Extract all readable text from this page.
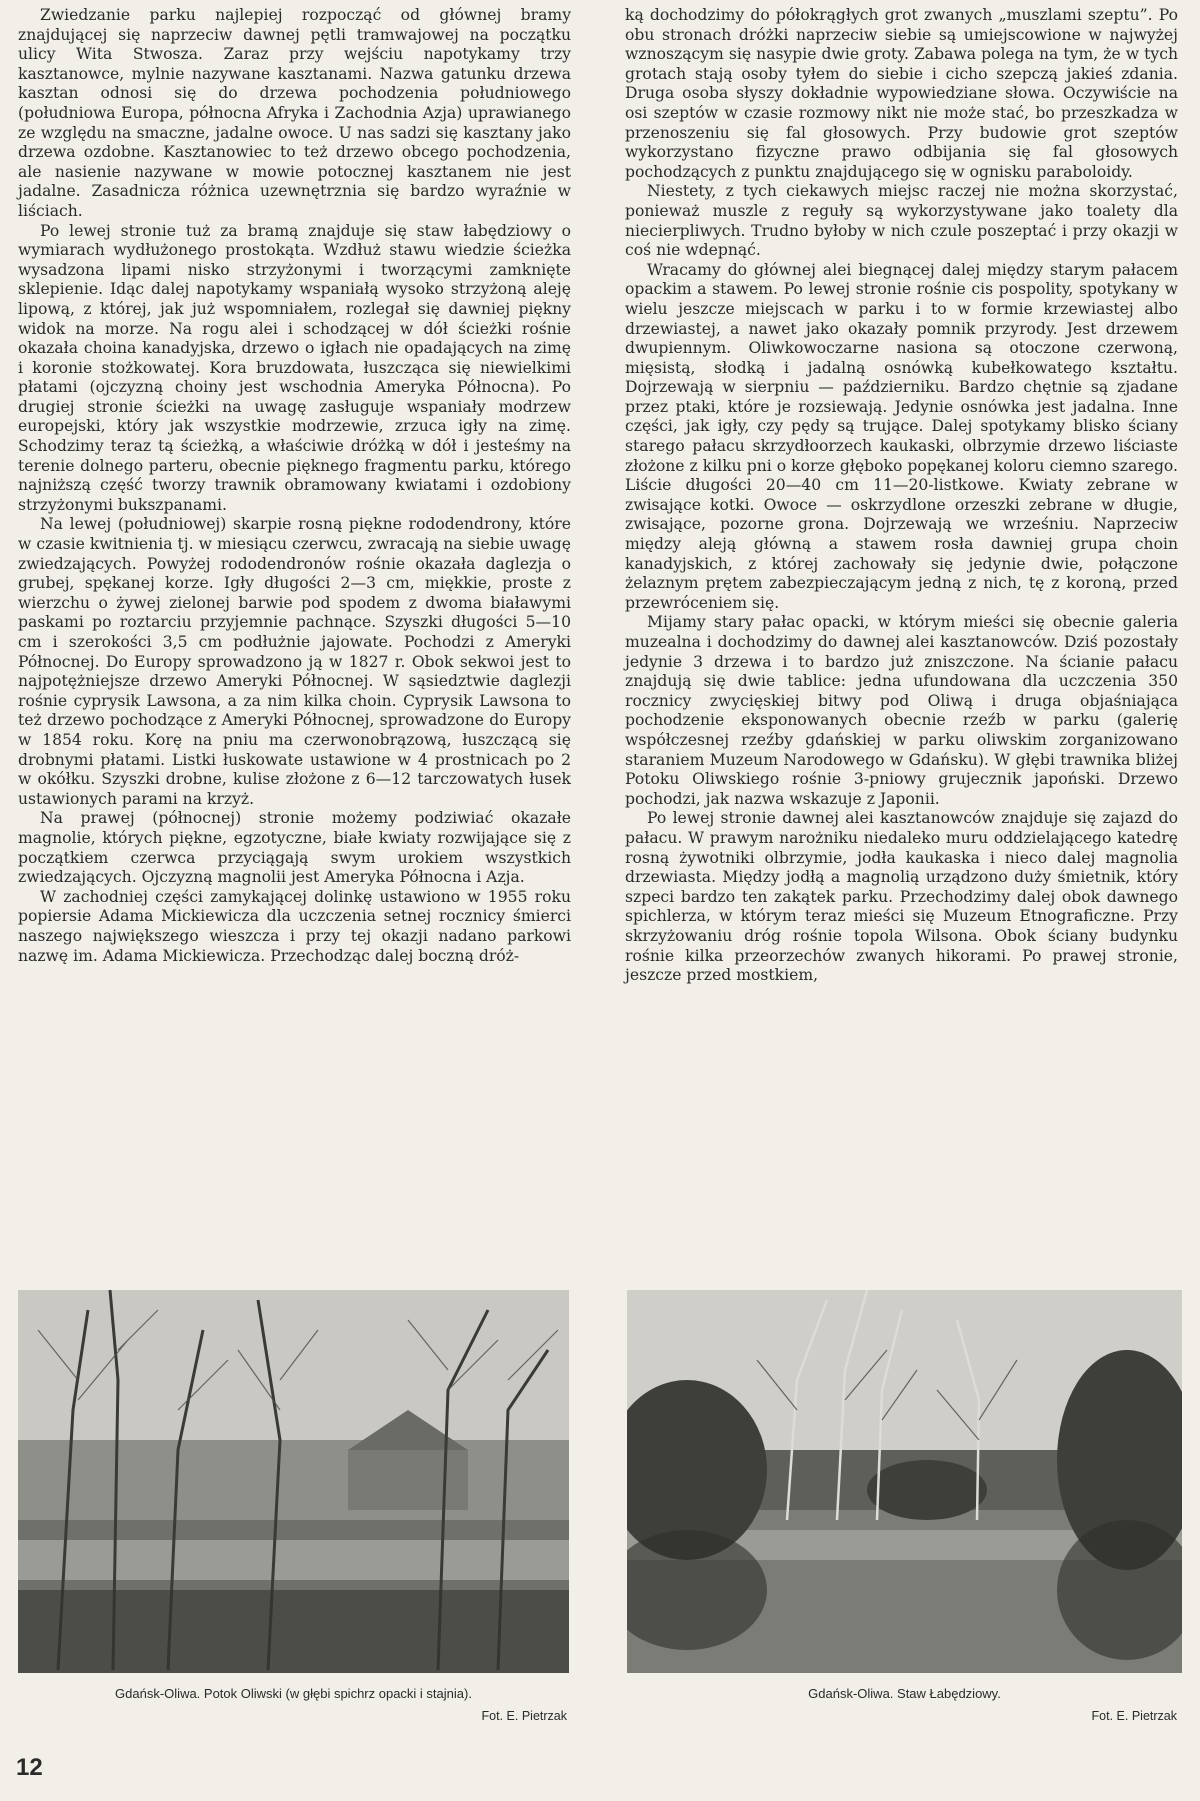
Zwiedzanie parku najlepiej rozpocząć od głównej bramy znajdującej się naprzeciw dawnej pętli tramwajowej na początku ulicy Wita Stwosza. Zaraz przy wejściu napotykamy trzy kasztanowce, mylnie nazywane kasztanami. Nazwa gatunku drzewa kasztan odnosi się do drzewa pochodzenia południowego (południowa Europa, północna Afryka i Zachodnia Azja) uprawianego ze względu na smaczne, jadalne owoce. U nas sadzi się kasztany jako drzewa ozdobne. Kasztanowiec to też drzewo obcego pochodzenia, ale nasienie nazywane w mowie potocznej kasztanem nie jest jadalne. Zasadnicza różnica uzewnętrznia się bardzo wyraźnie w liściach.

Po lewej stronie tuż za bramą znajduje się staw łabędziowy o wymiarach wydłużonego prostokąta. Wzdłuż stawu wiedzie ścieżka wysadzona lipami nisko strzyżonymi i tworzącymi zamknięte sklepienie. Idąc dalej napotykamy wspaniałą wysoko strzyżoną aleję lipową, z której, jak już wspomniałem, rozlegał się dawniej piękny widok na morze. Na rogu alei i schodzącej w dół ścieżki rośnie okazała choina kanadyjska, drzewo o igłach nie opadających na zimę i koronie stożkowatej. Kora bruzdowata, łuszcząca się niewielkimi płatami (ojczyzną choiny jest wschodnia Ameryka Północna). Po drugiej stronie ścieżki na uwagę zasługuje wspaniały modrzew europejski, który jak wszystkie modrzewie, zrzuca igły na zimę. Schodzimy teraz tą ścieżką, a właściwie dróżką w dół i jesteśmy na terenie dolnego parteru, obecnie pięknego fragmentu parku, którego najniższą część tworzy trawnik obramowany kwiatami i ozdobiony strzyżonymi bukszpanami.

Na lewej (południowej) skarpie rosną piękne rododendrony, które w czasie kwitnienia tj. w miesiącu czerwcu, zwracają na siebie uwagę zwiedzających. Powyżej rododendronów rośnie okazała daglezja o grubej, spękanej korze. Igły długości 2—3 cm, miękkie, proste z wierzchu o żywej zielonej barwie pod spodem z dwoma białawymi paskami po roztarciu przyjemnie pachnące. Szyszki długości 5—10 cm i szerokości 3,5 cm podłużnie jajowate. Pochodzi z Ameryki Północnej. Do Europy sprowadzono ją w 1827 r. Obok sekwoi jest to najpotężniejsze drzewo Ameryki Północnej. W sąsiedztwie daglezji rośnie cyprysik Lawsona, a za nim kilka choin. Cyprysik Lawsona to też drzewo pochodzące z Ameryki Północnej, sprowadzone do Europy w 1854 roku. Korę na pniu ma czerwonobrązową, łuszczącą się drobnymi płatami. Listki łuskowate ustawione w 4 prostnicach po 2 w okółku. Szyszki drobne, kulise złożone z 6—12 tarczowatych łusek ustawionych parami na krzyż.

Na prawej (północnej) stronie możemy podziwiać okazałe magnolie, których piękne, egzotyczne, białe kwiaty rozwijające się z początkiem czerwca przyciągają swym urokiem wszystkich zwiedzających. Ojczyzną magnolii jest Ameryka Północna i Azja.

W zachodniej części zamykającej dolinkę ustawiono w 1955 roku popiersie Adama Mickiewicza dla uczczenia setnej rocznicy śmierci naszego największego wieszcza i przy tej okazji nadano parkowi nazwę im. Adama Mickiewicza. Przechodząc dalej boczną dróż-

ką dochodzimy do półokrągłych grot zwanych „muszlami szeptu”. Po obu stronach dróżki naprzeciw siebie są umiejscowione w najwyżej wznoszącym się nasypie dwie groty. Zabawa polega na tym, że w tych grotach stają osoby tyłem do siebie i cicho szepczą jakieś zdania. Druga osoba słyszy dokładnie wypowiedziane słowa. Oczywiście na osi szeptów w czasie rozmowy nikt nie może stać, bo przeszkadza w przenoszeniu się fal głosowych. Przy budowie grot szeptów wykorzystano fizyczne prawo odbijania się fal głosowych pochodzących z punktu znajdującego się w ognisku paraboloidy.

Niestety, z tych ciekawych miejsc raczej nie można skorzystać, ponieważ muszle z reguły są wykorzystywane jako toalety dla niecierpliwych. Trudno byłoby w nich czule poszeptać i przy okazji w coś nie wdepnąć.

Wracamy do głównej alei biegnącej dalej między starym pałacem opackim a stawem. Po lewej stronie rośnie cis pospolity, spotykany w wielu jeszcze miejscach w parku i to w formie krzewiastej albo drzewiastej, a nawet jako okazały pomnik przyrody. Jest drzewem dwupiennym. Oliwkowoczarne nasiona są otoczone czerwoną, mięsistą, słodką i jadalną osnówką kubełkowatego kształtu. Dojrzewają w sierpniu — październiku. Bardzo chętnie są zjadane przez ptaki, które je rozsiewają. Jedynie osnówka jest jadalna. Inne części, jak igły, czy pędy są trujące. Dalej spotykamy blisko ściany starego pałacu skrzydłoorzech kaukaski, olbrzymie drzewo liściaste złożone z kilku pni o korze głęboko popękanej koloru ciemno szarego. Liście długości 20—40 cm 11—20-listkowe. Kwiaty zebrane w zwisające kotki. Owoce — oskrzydlone orzeszki zebrane w długie, zwisające, pozorne grona. Dojrzewają we wrześniu. Naprzeciw między aleją główną a stawem rosła dawniej grupa choin kanadyjskich, z której zachowały się jedynie dwie, połączone żelaznym prętem zabezpieczającym jedną z nich, tę z koroną, przed przewróceniem się.

Mijamy stary pałac opacki, w którym mieści się obecnie galeria muzealna i dochodzimy do dawnej alei kasztanowców. Dziś pozostały jedynie 3 drzewa i to bardzo już zniszczone. Na ścianie pałacu znajdują się dwie tablice: jedna ufundowana dla uczczenia 350 rocznicy zwycięskiej bitwy pod Oliwą i druga objaśniająca pochodzenie eksponowanych obecnie rzeźb w parku (galerię współczesnej rzeźby gdańskiej w parku oliwskim zorganizowano staraniem Muzeum Narodowego w Gdańsku). W głębi trawnika bliżej Potoku Oliwskiego rośnie 3-pniowy grujecznik japoński. Drzewo pochodzi, jak nazwa wskazuje z Japonii.

Po lewej stronie dawnej alei kasztanowców znajduje się zajazd do pałacu. W prawym narożniku niedaleko muru oddzielającego katedrę rosną żywotniki olbrzymie, jodła kaukaska i nieco dalej magnolia drzewiasta. Między jodłą a magnolią urządzono duży śmietnik, który szpeci bardzo ten zakątek parku. Przechodzimy dalej obok dawnego spichlerza, w którym teraz mieści się Muzeum Etnograficzne. Przy skrzyżowaniu dróg rośnie topola Wilsona. Obok ściany budynku rośnie kilka przeorzechów zwanych hikorami. Po prawej stronie, jeszcze przed mostkiem,

Gdańsk-Oliwa. Potok Oliwski (w głębi spichrz opacki i stajnia).
Fot. E. Pietrzak
Gdańsk-Oliwa. Staw Łabędziowy.
Fot. E. Pietrzak
12
